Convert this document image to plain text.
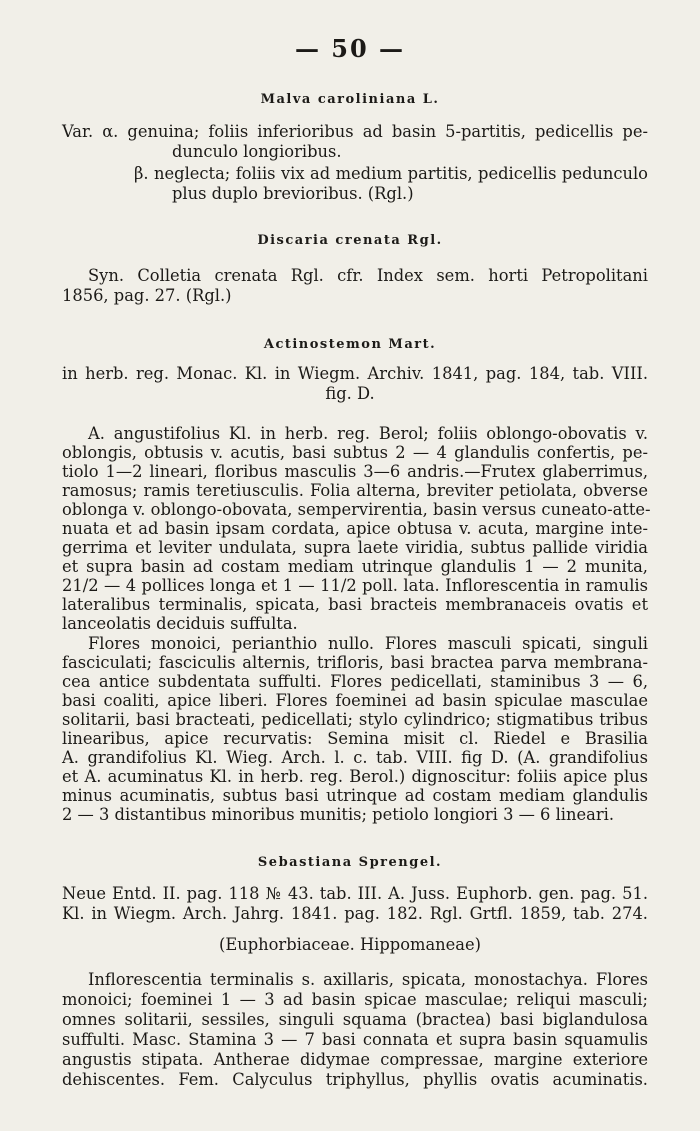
— 50 —
Malva caroliniana L.
Var. α. genuina; foliis inferioribus ad basin 5-partitis, pedicellis pe-
dunculo longioribus.
β. neglecta; foliis vix ad medium partitis, pedicellis pedunculo
plus duplo brevioribus. (Rgl.)
Discaria crenata Rgl.
Syn. Colletia crenata Rgl. cfr. Index sem. horti Petropolitani
1856, pag. 27. (Rgl.)
Actinostemon Mart.
in herb. reg. Monac. Kl. in Wiegm. Archiv. 1841, pag. 184, tab. VIII.
fig. D.
A. angustifolius Kl. in herb. reg. Berol; foliis oblongo-obovatis v.
oblongis, obtusis v. acutis, basi subtus 2 — 4 glandulis confertis, pe-
tiolo 1—2 lineari, floribus masculis 3—6 andris.—Frutex glaberrimus,
ramosus; ramis teretiusculis. Folia alterna, breviter petiolata, obverse
oblonga v. oblongo-obovata, sempervirentia, basin versus cuneato-atte-
nuata et ad basin ipsam cordata, apice obtusa v. acuta, margine inte-
gerrima et leviter undulata, supra laete viridia, subtus pallide viridia
et supra basin ad costam mediam utrinque glandulis 1 — 2 munita,
21/2 — 4 pollices longa et 1 — 11/2 poll. lata. Inflorescentia in ramulis
lateralibus terminalis, spicata, basi bracteis membranaceis ovatis et
lanceolatis deciduis suffulta.
Flores monoici, perianthio nullo. Flores masculi spicati, singuli
fasciculati; fasciculis alternis, trifloris, basi bractea parva membrana-
cea antice subdentata suffulti. Flores pedicellati, staminibus 3 — 6,
basi coaliti, apice liberi. Flores foeminei ad basin spiculae masculae
solitarii, basi bracteati, pedicellati; stylo cylindrico; stigmatibus tribus
linearibus, apice recurvatis: Semina misit cl. Riedel e Brasilia
A. grandifolius Kl. Wieg. Arch. l. c. tab. VIII. fig D. (A. grandifolius
et A. acuminatus Kl. in herb. reg. Berol.) dignoscitur: foliis apice plus
minus acuminatis, subtus basi utrinque ad costam mediam glandulis
2 — 3 distantibus minoribus munitis; petiolo longiori 3 — 6 lineari.
Sebastiana Sprengel.
Neue Entd. II. pag. 118 № 43. tab. III. A. Juss. Euphorb. gen. pag. 51.
Kl. in Wiegm. Arch. Jahrg. 1841. pag. 182. Rgl. Grtfl. 1859, tab. 274.
(Euphorbiaceae. Hippomaneae)
Inflorescentia terminalis s. axillaris, spicata, monostachya. Flores
monoici; foeminei 1 — 3 ad basin spicae masculae; reliqui masculi;
omnes solitarii, sessiles, singuli squama (bractea) basi biglandulosa
suffulti. Masc. Stamina 3 — 7 basi connata et supra basin squamulis
angustis stipata. Antherae didymae compressae, margine exteriore
dehiscentes. Fem. Calyculus triphyllus, phyllis ovatis acuminatis.
